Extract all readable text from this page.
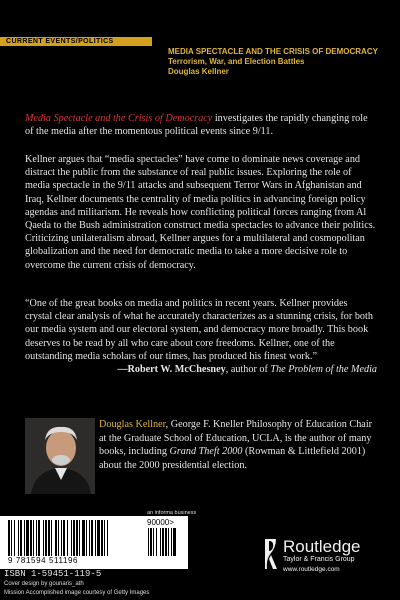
CURRENT EVENTS/POLITICS
MEDIA SPECTACLE AND THE CRISIS OF DEMOCRACY
Terrorism, War, and Election Battles
Douglas Kellner

Media Spectacle and the Crisis of Democracy investigates the rapidly changing role of the media after the momentous political events since 9/11.

Kellner argues that “media spectacles” have come to dominate news coverage and distract the public from the substance of real public issues. Exploring the role of media spectacle in the 9/11 attacks and subsequent Terror Wars in Afghanistan and Iraq, Kellner documents the centrality of media politics in advancing foreign policy agendas and militarism. He reveals how conflicting political forces ranging from Al Qaeda to the Bush administration construct media spectacles to advance their politics. Criticizing unilateralism abroad, Kellner argues for a multilateral and cosmopolitan globalization and the need for democratic media to take a more decisive role to overcome the current crisis of democracy.

“One of the great books on media and politics in recent years. Kellner provides crystal clear analysis of what he accurately characterizes as a stunning crisis, for both our media system and our electoral system, and democracy more broadly. This book deserves to be read by all who care about core freedoms. Kellner, one of the outstanding media scholars of our times, has produced his finest work.”

—Robert W. McChesney, author of The Problem of the Media

Douglas Kellner, George F. Kneller Philosophy of Education Chair at the Graduate School of Education, UCLA, is the author of many books, including Grand Theft 2000 (Rowman & Littlefield 2001) about the 2000 presidential election.
an informa business
90000>
9 781594 511196
ISBN 1-59451-119-5
Cover design by gounaris_ath
Mission Accomplished image courtesy of Getty Images
Routledge
Taylor & Francis Group
www.routledge.com
